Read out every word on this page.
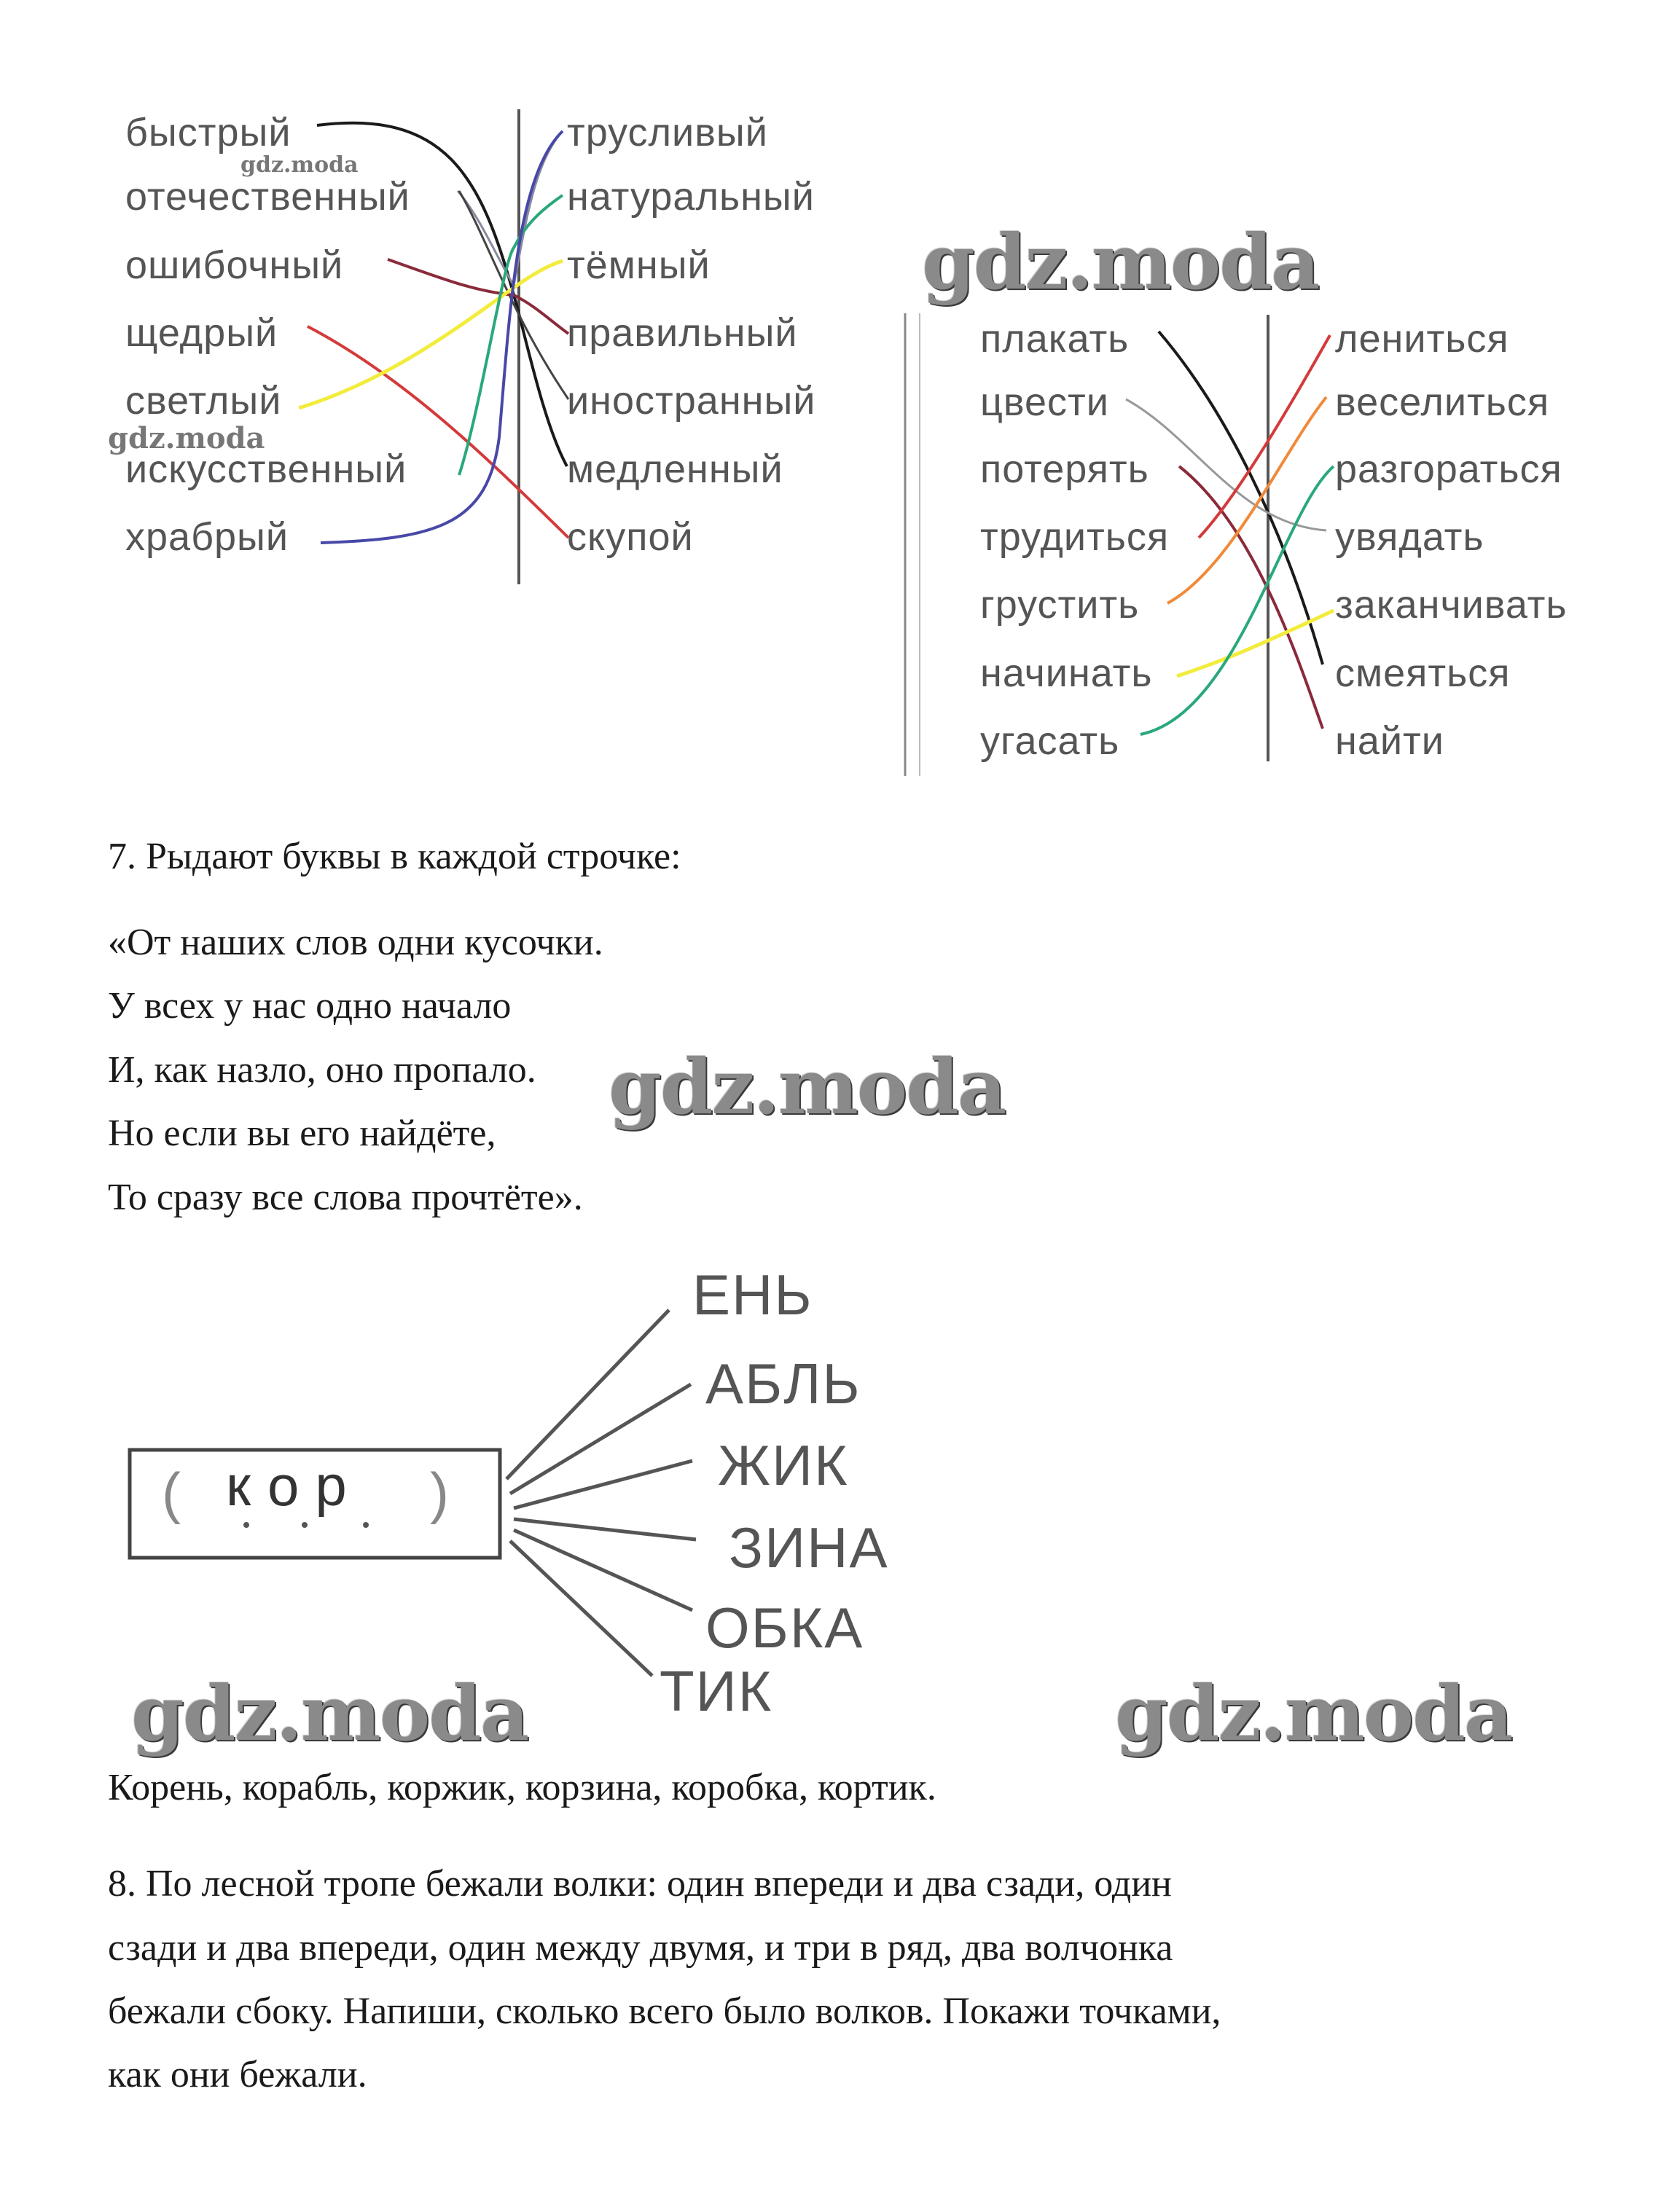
быстрый
отечественный
ошибочный
щедрый
светлый
искусственный
храбрый
трусливый
натуральный
тёмный
правильный
иностранный
медленный
скупой
плакать
цвести
потерять
трудиться
грустить
начинать
угасать
лениться
веселиться
разгораться
увядать
заканчивать
смеяться
найти
gdz.moda
gdz.moda
gdz.moda
gdz.moda
gdz.moda	gdz.moda
7. Рыдают буквы в каждой строчке:
«От наших слов одни кусочки.
У всех у нас одно начало
И, как назло, оно пропало.
Но если вы его найдёте,
То сразу все слова прочтёте».
( кор )
ЕНЬ
АБЛЬ
ЖИК
ЗИНА
ОБКА
ТИК
Корень, корабль, коржик, корзина, коробка, кортик.
8. По лесной тропе бежали волки: один впереди и два сзади, один
сзади и два впереди, один между двумя, и три в ряд, два волчонка
бежали сбоку. Напиши, сколько всего было волков. Покажи точками,
как они бежали.
